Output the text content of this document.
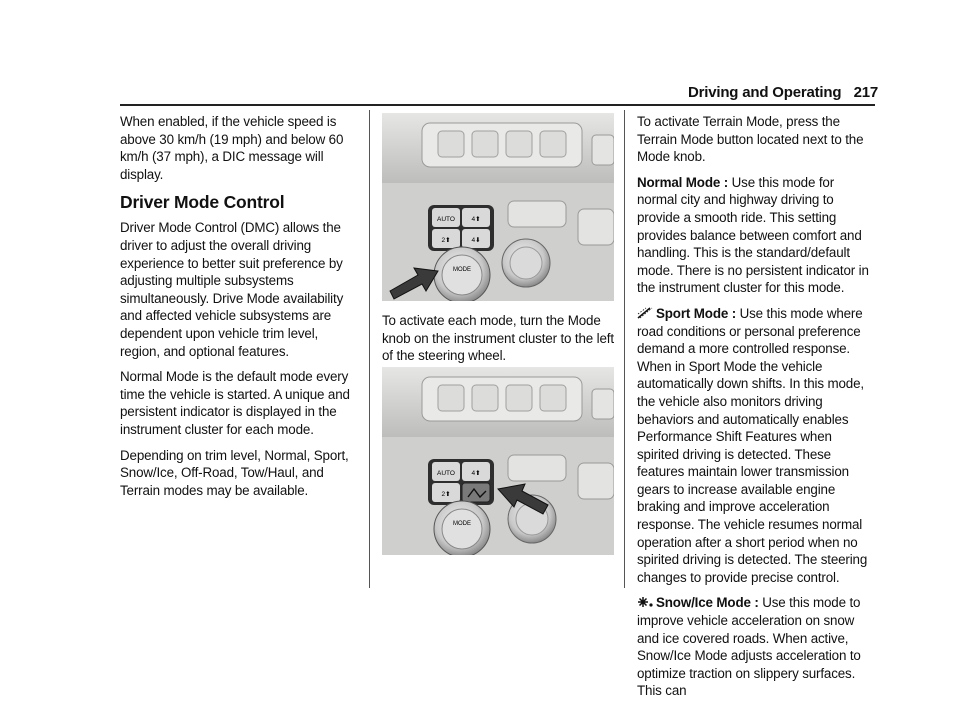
Driving and Operating 217

When enabled, if the vehicle speed is above 30 km/h (19 mph) and below 60 km/h (37 mph), a DIC message will display.

Driver Mode Control

Driver Mode Control (DMC) allows the driver to adjust the overall driving experience to better suit preference by adjusting multiple subsystems simultaneously. Drive Mode availability and affected vehicle subsystems are dependent upon vehicle trim level, region, and optional features.

Normal Mode is the default mode every time the vehicle is started. A unique and persistent indicator is displayed in the instrument cluster for each mode.

Depending on trim level, Normal, Sport, Snow/Ice, Off-Road, Tow/Haul, and Terrain modes may be available.

AUTO	4⬆
2⬆	4⬇
MODE

To activate each mode, turn the Mode knob on the instrument cluster to the left of the steering wheel.

AUTO	4⬆
2⬆
MODE

To activate Terrain Mode, press the Terrain Mode button located next to the Mode knob.

Normal Mode : Use this mode for normal city and highway driving to provide a smooth ride. This setting provides balance between comfort and handling. This is the standard/default mode. There is no persistent indicator in the instrument cluster for this mode.

Sport Mode : Use this mode where road conditions or personal preference demand a more controlled response. When in Sport Mode the vehicle automatically down shifts. In this mode, the vehicle also monitors driving behaviors and automatically enables Performance Shift Features when spirited driving is detected. These features maintain lower transmission gears to increase available engine braking and improve acceleration response. The vehicle resumes normal operation after a short period when no spirited driving is detected. The steering changes to provide precise control.

Snow/Ice Mode : Use this mode to improve vehicle acceleration on snow and ice covered roads. When active, Snow/Ice Mode adjusts acceleration to optimize traction on slippery surfaces. This can
